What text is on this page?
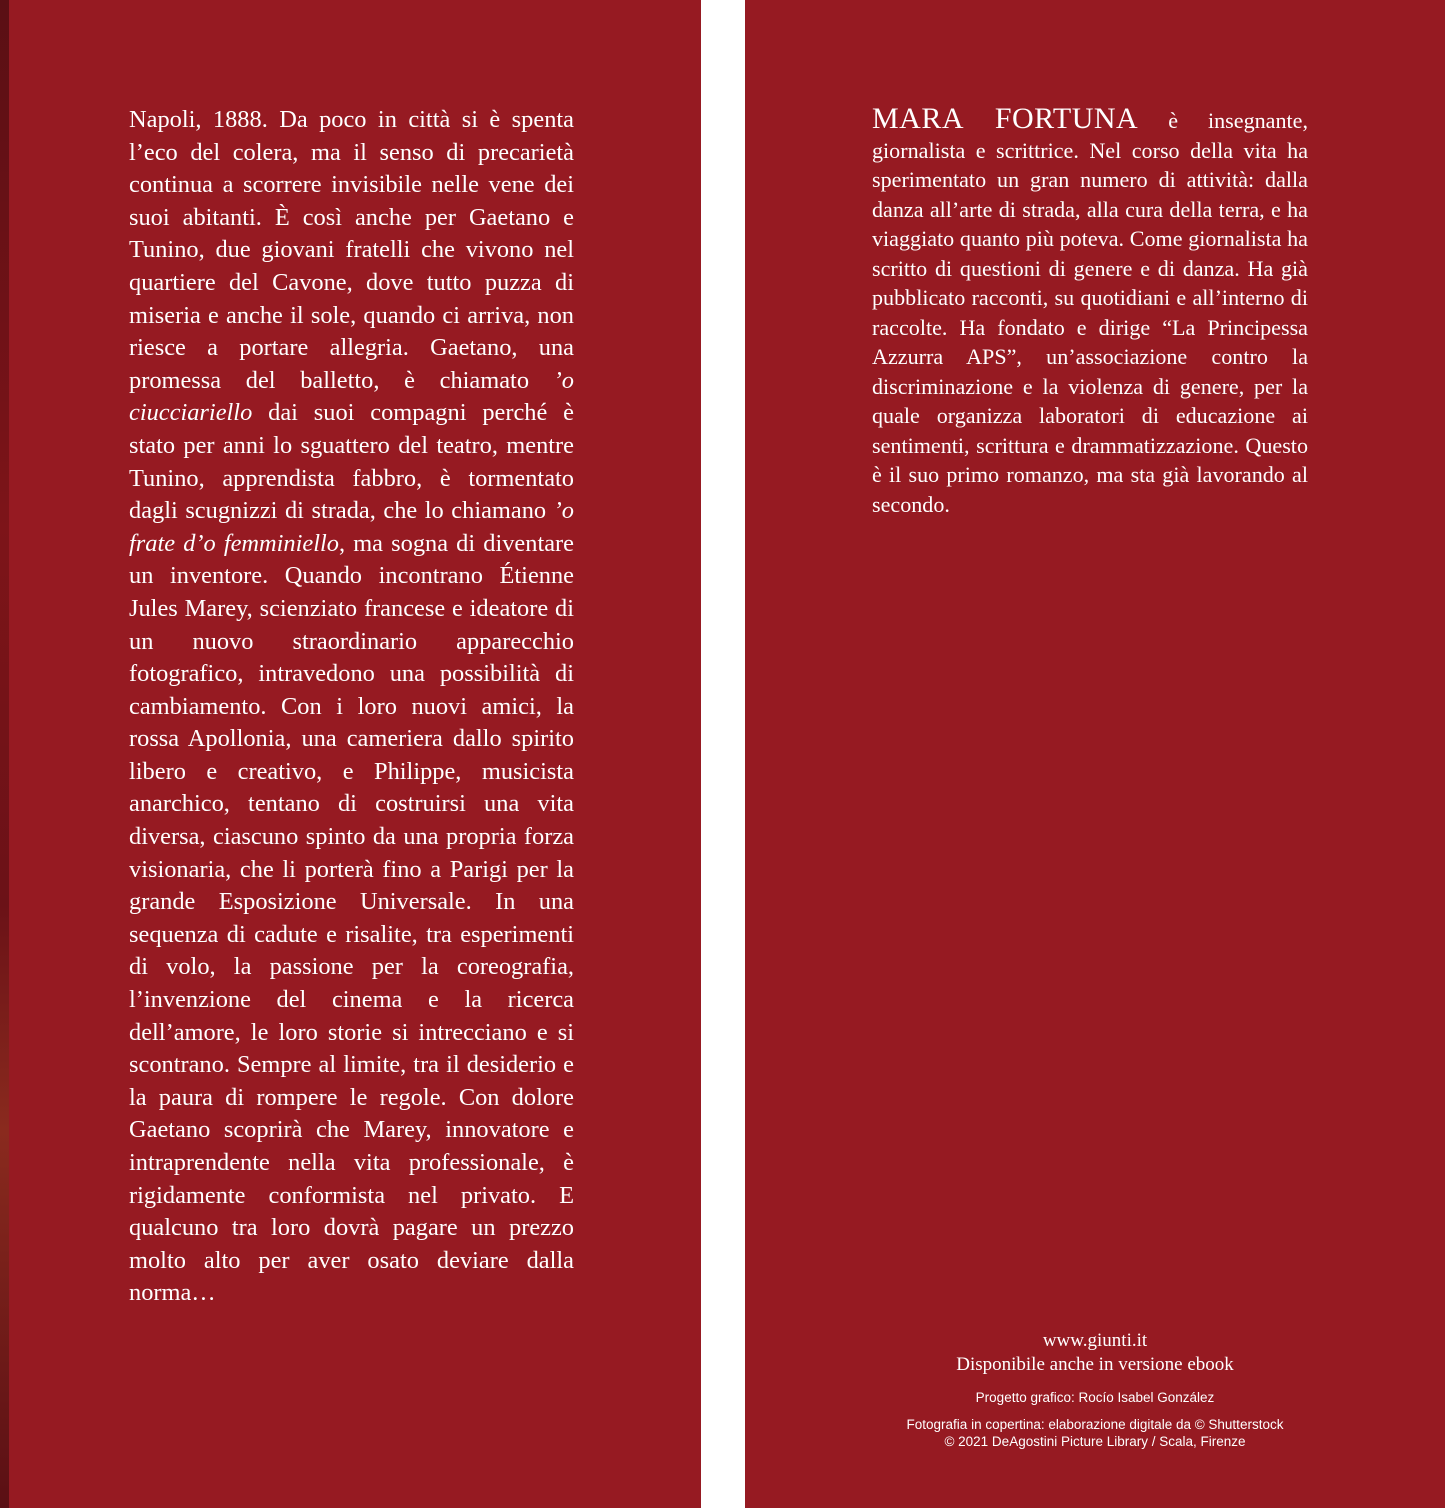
Napoli, 1888. Da poco in città si è spenta l’eco del colera, ma il senso di precarietà continua a scorrere invisibile nelle vene dei suoi abitanti. È così anche per Gaetano e Tunino, due giovani fratelli che vivono nel quartiere del Cavone, dove tutto puzza di miseria e anche il sole, quando ci arriva, non riesce a portare allegria. Gaetano, una promessa del balletto, è chiamato ’o ciucciariello dai suoi compagni perché è stato per anni lo sguattero del teatro, mentre Tunino, apprendista fabbro, è tormentato dagli scugnizzi di strada, che lo chiamano ’o frate d’o femminiello, ma sogna di diventare un inventore. Quando incontrano Étienne Jules Marey, scienziato francese e ideatore di un nuovo straordinario apparecchio fotografico, intravedono una possibilità di cambiamento. Con i loro nuovi amici, la rossa Apollonia, una cameriera dallo spirito libero e creativo, e Philippe, musicista anarchico, tentano di costruirsi una vita diversa, ciascuno spinto da una propria forza visionaria, che li porterà fino a Parigi per la grande Esposizione Universale. In una sequenza di cadute e risalite, tra esperimenti di volo, la passione per la coreografia, l’invenzione del cinema e la ricerca dell’amore, le loro storie si intrecciano e si scontrano. Sempre al limite, tra il desiderio e la paura di rompere le regole. Con dolore Gaetano scoprirà che Marey, innovatore e intraprendente nella vita professionale, è rigidamente conformista nel privato. E qualcuno tra loro dovrà pagare un prezzo molto alto per aver osato deviare dalla norma…
MARA FORTUNA è insegnante, giornalista e scrittrice. Nel corso della vita ha sperimentato un gran numero di attività: dalla danza all’arte di strada, alla cura della terra, e ha viaggiato quanto più poteva. Come giornalista ha scritto di questioni di genere e di danza. Ha già pubblicato racconti, su quotidiani e all’interno di raccolte. Ha fondato e dirige “La Principessa Azzurra APS”, un’associazione contro la discriminazione e la violenza di genere, per la quale organizza laboratori di educazione ai sentimenti, scrittura e drammatizzazione. Questo è il suo primo romanzo, ma sta già lavorando al secondo.
www.giunti.it
Disponibile anche in versione ebook
Progetto grafico: Rocío Isabel González
Fotografia in copertina: elaborazione digitale da © Shutterstock
© 2021 DeAgostini Picture Library / Scala, Firenze
